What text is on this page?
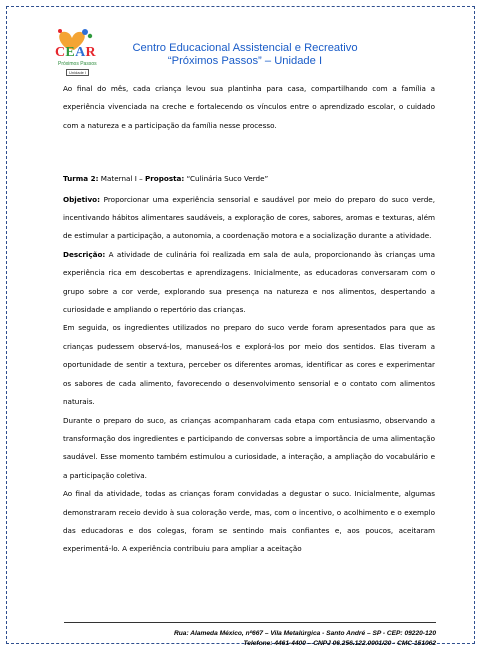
CEAR
Próximos Passos
Unidade I
Centro Educacional Assistencial e Recreativo
“Próximos Passos” – Unidade I

Ao final do mês, cada criança levou sua plantinha para casa, compartilhando com a família a experiência vivenciada na creche e fortalecendo os vínculos entre o aprendizado escolar, o cuidado com a natureza e a participação da família nesse processo.

Turma 2: Maternal I – Proposta: “Culinária Suco Verde”

Objetivo: Proporcionar uma experiência sensorial e saudável por meio do preparo do suco verde, incentivando hábitos alimentares saudáveis, a exploração de cores, sabores, aromas e texturas, além de estimular a participação, a autonomia, a coordenação motora e a socialização durante a atividade.

Descrição: A atividade de culinária foi realizada em sala de aula, proporcionando às crianças uma experiência rica em descobertas e aprendizagens. Inicialmente, as educadoras conversaram com o grupo sobre a cor verde, explorando sua presença na natureza e nos alimentos, despertando a curiosidade e ampliando o repertório das crianças.

Em seguida, os ingredientes utilizados no preparo do suco verde foram apresentados para que as crianças pudessem observá-los, manuseá-los e explorá-los por meio dos sentidos. Elas tiveram a oportunidade de sentir a textura, perceber os diferentes aromas, identificar as cores e experimentar os sabores de cada alimento, favorecendo o desenvolvimento sensorial e o contato com alimentos naturais.

Durante o preparo do suco, as crianças acompanharam cada etapa com entusiasmo, observando a transformação dos ingredientes e participando de conversas sobre a importância de uma alimentação saudável. Esse momento também estimulou a curiosidade, a interação, a ampliação do vocabulário e a participação coletiva.

Ao final da atividade, todas as crianças foram convidadas a degustar o suco. Inicialmente, algumas demonstraram receio devido à sua coloração verde, mas, com o incentivo, o acolhimento e o exemplo das educadoras e dos colegas, foram se sentindo mais confiantes e, aos poucos, aceitaram experimentá-lo. A experiência contribuiu para ampliar a aceitação

Rua: Alameda México, nº667 – Vila Metalúrgica - Santo André – SP - CEP: 09220-120
Telefone: 4461-4400 – CNPJ 06.256.122.0001/20 - CMC 151062
